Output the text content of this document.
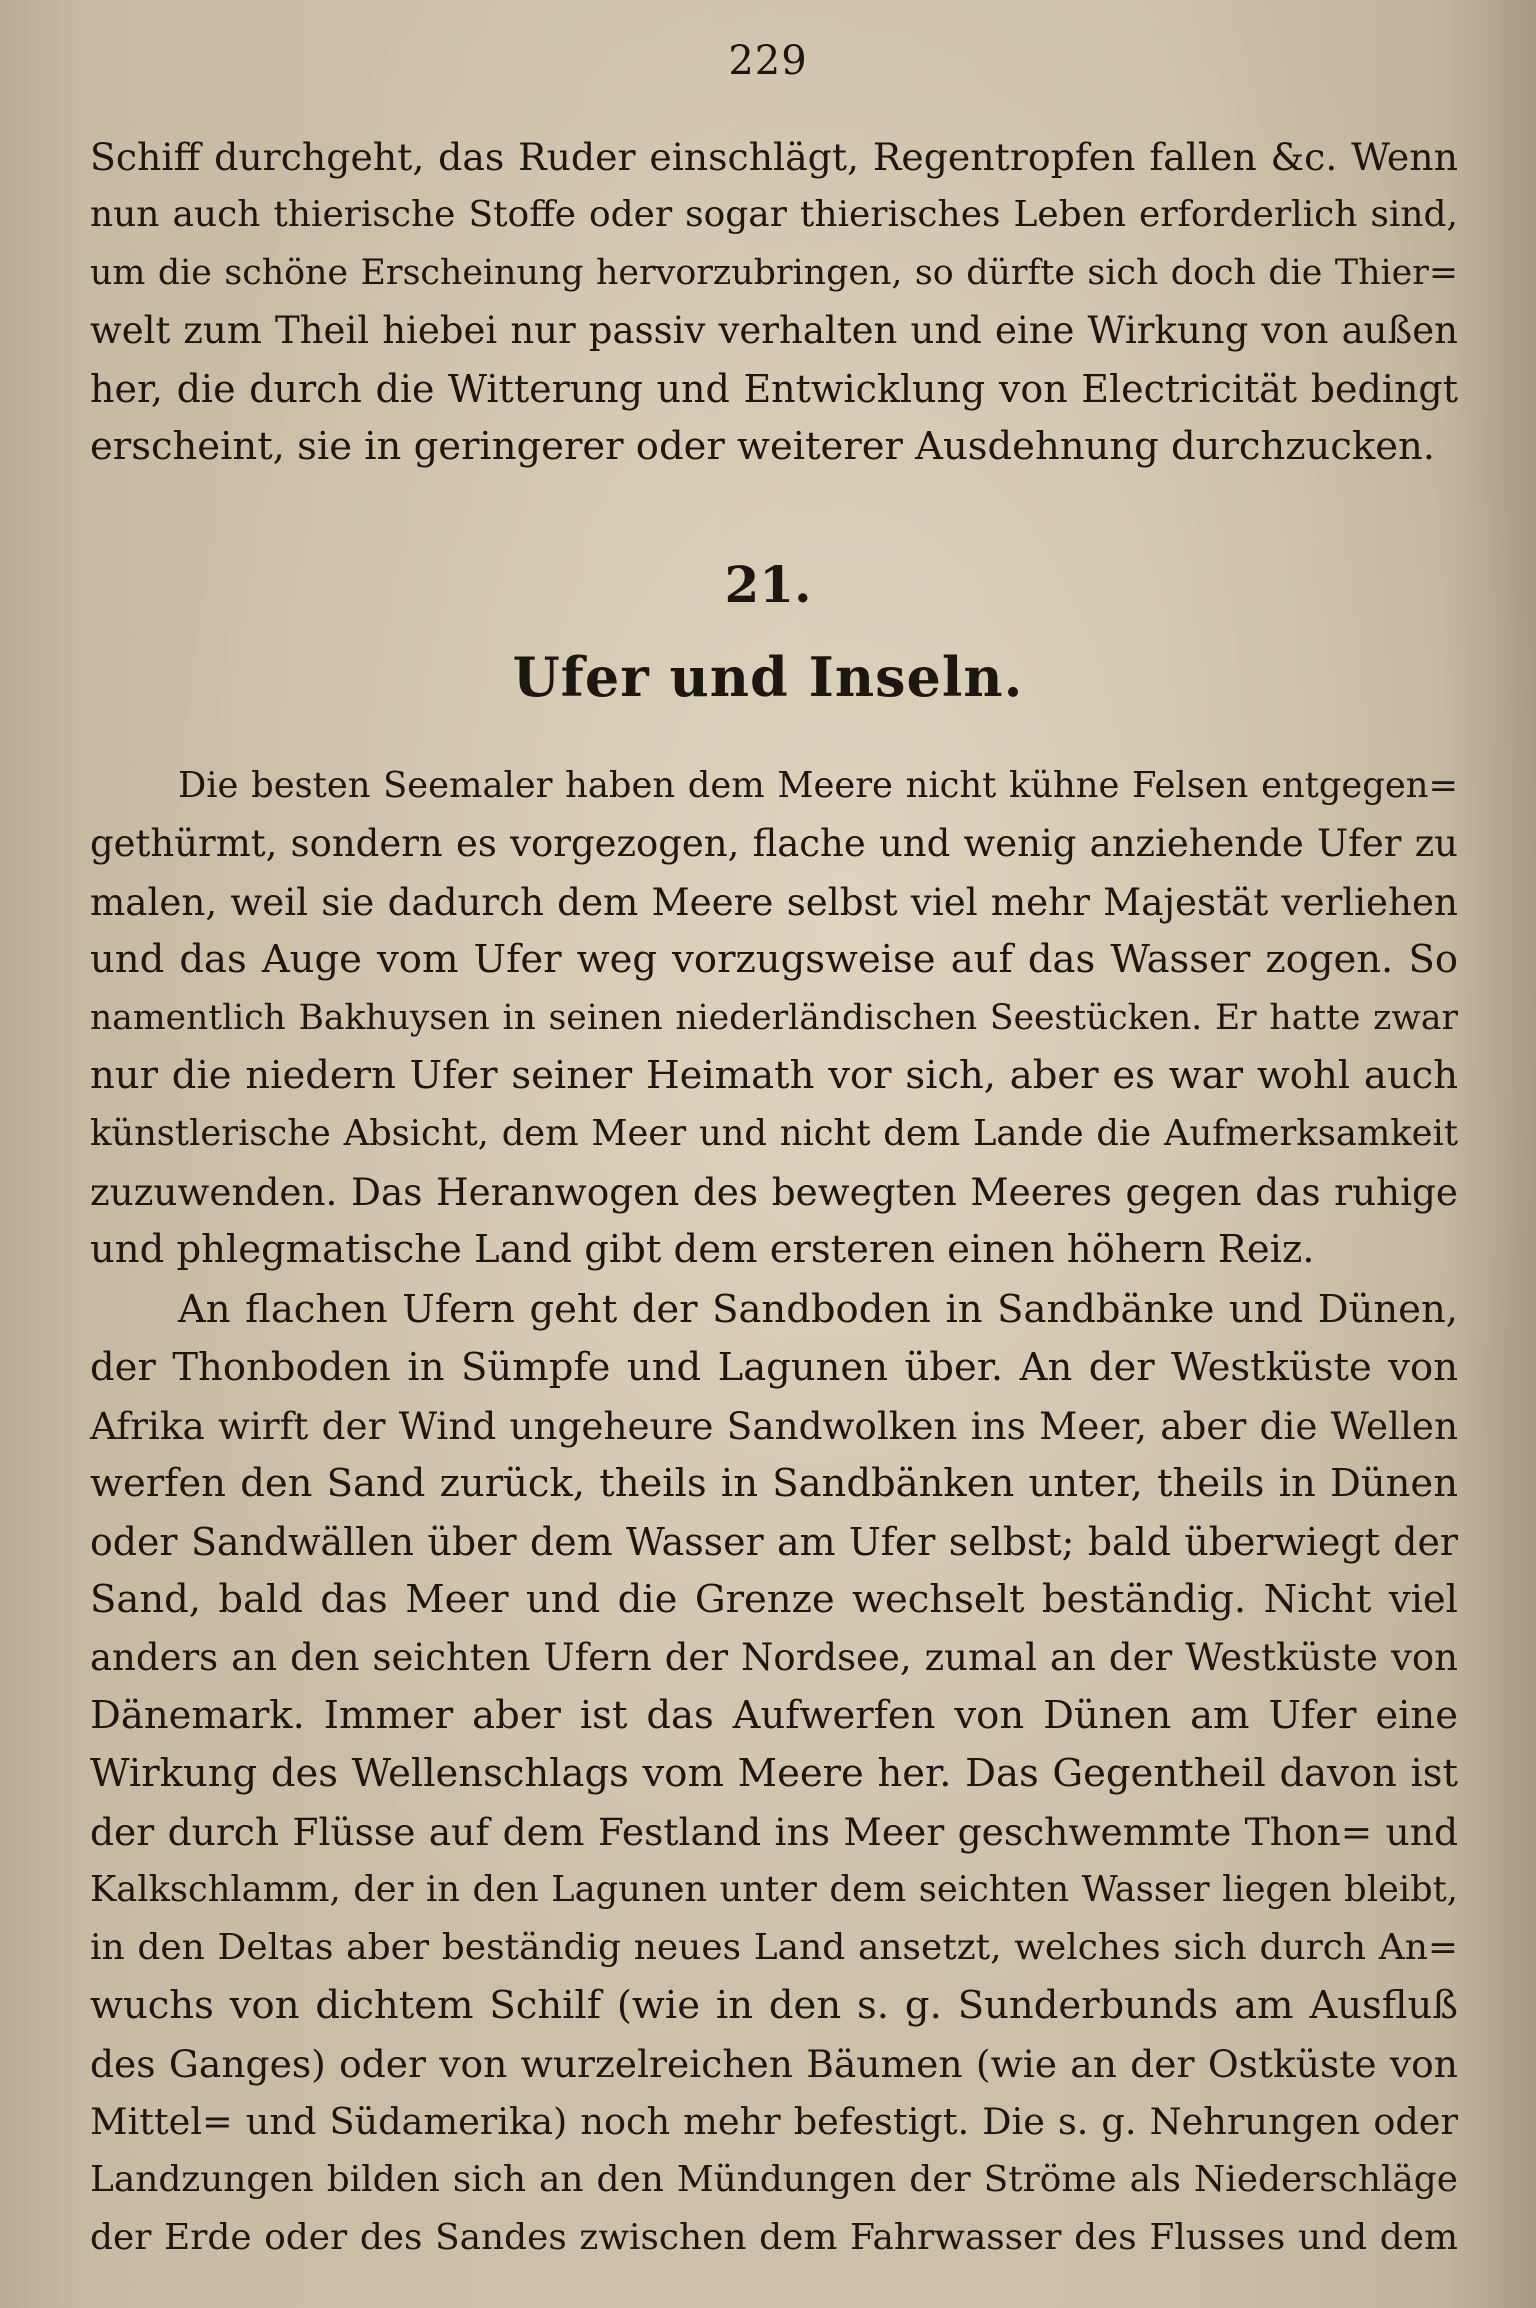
229
Schiff durchgeht, das Ruder einschlägt, Regentropfen fallen &c. Wenn
nun auch thierische Stoffe oder sogar thierisches Leben erforderlich sind,
um die schöne Erscheinung hervorzubringen, so dürfte sich doch die Thier=
welt zum Theil hiebei nur passiv verhalten und eine Wirkung von außen
her, die durch die Witterung und Entwicklung von Electricität bedingt
erscheint, sie in geringerer oder weiterer Ausdehnung durchzucken.
21.
Ufer und Inseln.
Die besten Seemaler haben dem Meere nicht kühne Felsen entgegen=
gethürmt, sondern es vorgezogen, flache und wenig anziehende Ufer zu
malen, weil sie dadurch dem Meere selbst viel mehr Majestät verliehen
und das Auge vom Ufer weg vorzugsweise auf das Wasser zogen. So
namentlich Bakhuysen in seinen niederländischen Seestücken. Er hatte zwar
nur die niedern Ufer seiner Heimath vor sich, aber es war wohl auch
künstlerische Absicht, dem Meer und nicht dem Lande die Aufmerksamkeit
zuzuwenden. Das Heranwogen des bewegten Meeres gegen das ruhige
und phlegmatische Land gibt dem ersteren einen höhern Reiz.
An flachen Ufern geht der Sandboden in Sandbänke und Dünen,
der Thonboden in Sümpfe und Lagunen über. An der Westküste von
Afrika wirft der Wind ungeheure Sandwolken ins Meer, aber die Wellen
werfen den Sand zurück, theils in Sandbänken unter, theils in Dünen
oder Sandwällen über dem Wasser am Ufer selbst; bald überwiegt der
Sand, bald das Meer und die Grenze wechselt beständig. Nicht viel
anders an den seichten Ufern der Nordsee, zumal an der Westküste von
Dänemark. Immer aber ist das Aufwerfen von Dünen am Ufer eine
Wirkung des Wellenschlags vom Meere her. Das Gegentheil davon ist
der durch Flüsse auf dem Festland ins Meer geschwemmte Thon= und
Kalkschlamm, der in den Lagunen unter dem seichten Wasser liegen bleibt,
in den Deltas aber beständig neues Land ansetzt, welches sich durch An=
wuchs von dichtem Schilf (wie in den s. g. Sunderbunds am Ausfluß
des Ganges) oder von wurzelreichen Bäumen (wie an der Ostküste von
Mittel= und Südamerika) noch mehr befestigt. Die s. g. Nehrungen oder
Landzungen bilden sich an den Mündungen der Ströme als Niederschläge
der Erde oder des Sandes zwischen dem Fahrwasser des Flusses und dem
